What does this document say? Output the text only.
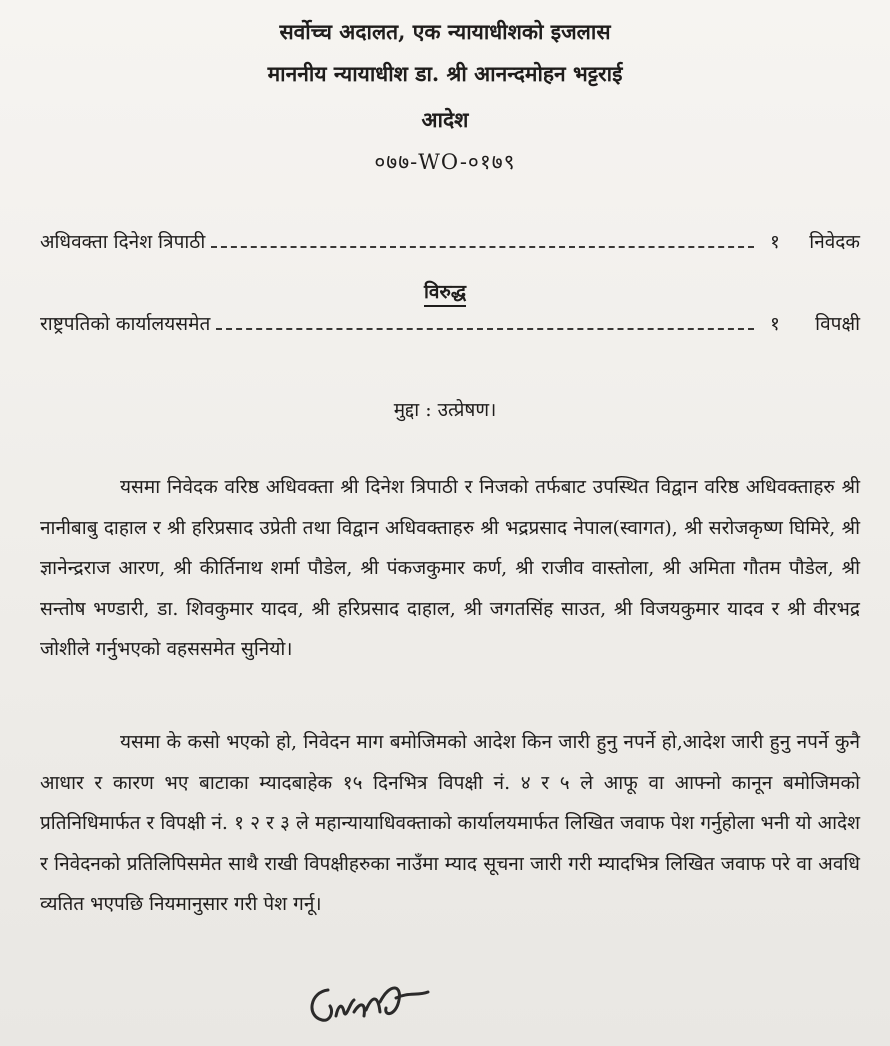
सर्वोच्च अदालत, एक न्यायाधीशको इजलास
माननीय न्यायाधीश डा. श्री आनन्दमोहन भट्टराई
आदेश
०७७-WO-०१७९
अधिवक्ता दिनेश त्रिपाठी	१	निवेदक
विरुद्ध
राष्ट्रपतिको कार्यालयसमेत	१	विपक्षी
मुद्दा : उत्प्रेषण।

यसमा निवेदक वरिष्ठ अधिवक्ता श्री दिनेश त्रिपाठी र निजको तर्फबाट उपस्थित विद्वान वरिष्ठ अधिवक्ताहरु श्री नानीबाबु दाहाल र श्री हरिप्रसाद उप्रेती तथा विद्वान अधिवक्ताहरु श्री भद्रप्रसाद नेपाल(स्वागत), श्री सरोजकृष्ण घिमिरे, श्री ज्ञानेन्द्रराज आरण, श्री कीर्तिनाथ शर्मा पौडेल, श्री पंकजकुमार कर्ण, श्री राजीव वास्तोला, श्री अमिता गौतम पौडेल, श्री सन्तोष भण्डारी, डा. शिवकुमार यादव, श्री हरिप्रसाद दाहाल, श्री जगतसिंह साउत, श्री विजयकुमार यादव र श्री वीरभद्र जोशीले गर्नुभएको वहससमेत सुनियो।

यसमा के कसो भएको हो, निवेदन माग बमोजिमको आदेश किन जारी हुनु नपर्ने हो,आदेश जारी हुनु नपर्ने कुनै आधार र कारण भए बाटाका म्यादबाहेक १५ दिनभित्र विपक्षी नं. ४ र ५ ले आफू वा आफ्नो कानून बमोजिमको प्रतिनिधिमार्फत र विपक्षी नं. १ २ र ३ ले महान्यायाधिवक्ताको कार्यालयमार्फत लिखित जवाफ पेश गर्नुहोला भनी यो आदेश र निवेदनको प्रतिलिपिसमेत साथै राखी विपक्षीहरुका नाउँमा म्याद सूचना जारी गरी म्यादभित्र लिखित जवाफ परे वा अवधि व्यतित भएपछि नियमानुसार गरी पेश गर्नू।
